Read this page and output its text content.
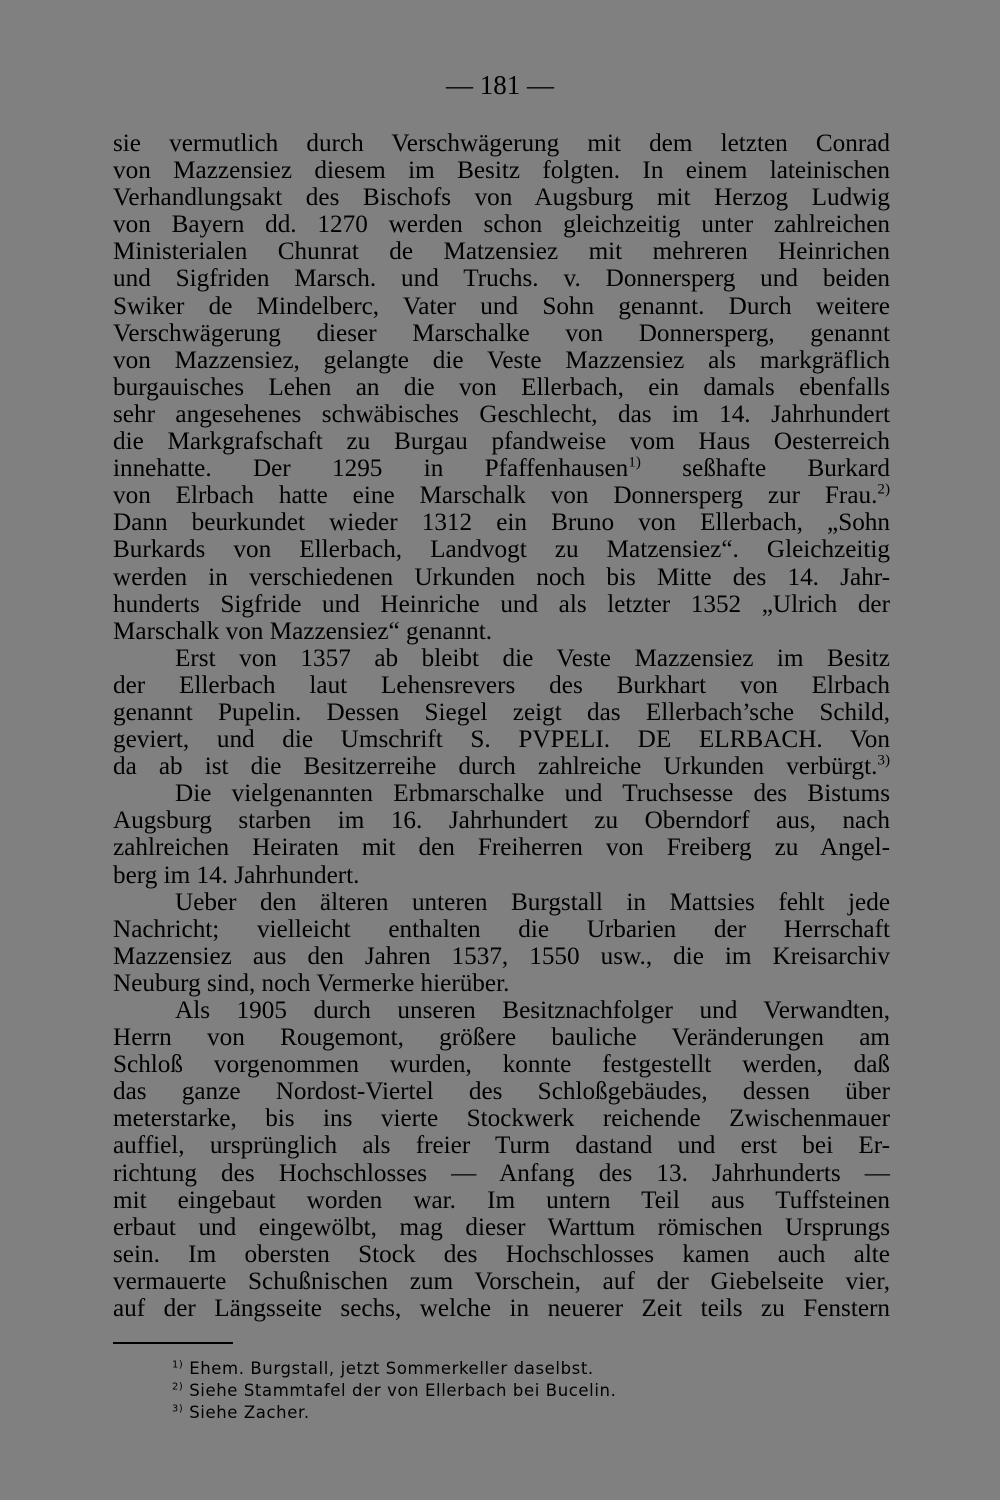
— 181 —
sie vermutlich durch Verschwägerung mit dem letzten Conrad
von Mazzensiez diesem im Besitz folgten. In einem lateinischen
Verhandlungsakt des Bischofs von Augsburg mit Herzog Ludwig
von Bayern dd. 1270 werden schon gleichzeitig unter zahlreichen
Ministerialen Chunrat de Matzensiez mit mehreren Heinrichen
und Sigfriden Marsch. und Truchs. v. Donnersperg und beiden
Swiker de Mindelberc, Vater und Sohn genannt. Durch weitere
Verschwägerung dieser Marschalke von Donnersperg, genannt
von Mazzensiez, gelangte die Veste Mazzensiez als markgräflich
burgauisches Lehen an die von Ellerbach, ein damals ebenfalls
sehr angesehenes schwäbisches Geschlecht, das im 14. Jahrhundert
die Markgrafschaft zu Burgau pfandweise vom Haus Oesterreich
innehatte. Der 1295 in Pfaffenhausen$^{1)}$ seßhafte Burkard
von Elrbach hatte eine Marschalk von Donnersperg zur Frau.$^{2)}$
Dann beurkundet wieder 1312 ein Bruno von Ellerbach, „Sohn
Burkards von Ellerbach, Landvogt zu Matzensiez“. Gleichzeitig
werden in verschiedenen Urkunden noch bis Mitte des 14. Jahr-
hunderts Sigfride und Heinriche und als letzter 1352 „Ulrich der
Marschalk von Mazzensiez“ genannt.
Erst von 1357 ab bleibt die Veste Mazzensiez im Besitz
der Ellerbach laut Lehensrevers des Burkhart von Elrbach
genannt Pupelin. Dessen Siegel zeigt das Ellerbach’sche Schild,
geviert, und die Umschrift S. PVPELI. DE ELRBACH. Von
da ab ist die Besitzerreihe durch zahlreiche Urkunden verbürgt.$^{3)}$
Die vielgenannten Erbmarschalke und Truchsesse des Bistums
Augsburg starben im 16. Jahrhundert zu Oberndorf aus, nach
zahlreichen Heiraten mit den Freiherren von Freiberg zu Angel-
berg im 14. Jahrhundert.
Ueber den älteren unteren Burgstall in Mattsies fehlt jede
Nachricht; vielleicht enthalten die Urbarien der Herrschaft
Mazzensiez aus den Jahren 1537, 1550 usw., die im Kreisarchiv
Neuburg sind, noch Vermerke hierüber.
Als 1905 durch unseren Besitznachfolger und Verwandten,
Herrn von Rougemont, größere bauliche Veränderungen am
Schloß vorgenommen wurden, konnte festgestellt werden, daß
das ganze Nordost-Viertel des Schloßgebäudes, dessen über
meterstarke, bis ins vierte Stockwerk reichende Zwischenmauer
auffiel, ursprünglich als freier Turm dastand und erst bei Er-
richtung des Hochschlosses — Anfang des 13. Jahrhunderts —
mit eingebaut worden war. Im untern Teil aus Tuffsteinen
erbaut und eingewölbt, mag dieser Warttum römischen Ursprungs
sein. Im obersten Stock des Hochschlosses kamen auch alte
vermauerte Schußnischen zum Vorschein, auf der Giebelseite vier,
auf der Längsseite sechs, welche in neuerer Zeit teils zu Fenstern
$^{1)}$ Ehem. Burgstall, jetzt Sommerkeller daselbst.
$^{2)}$ Siehe Stammtafel der von Ellerbach bei Bucelin.
$^{3)}$ Siehe Zacher.
